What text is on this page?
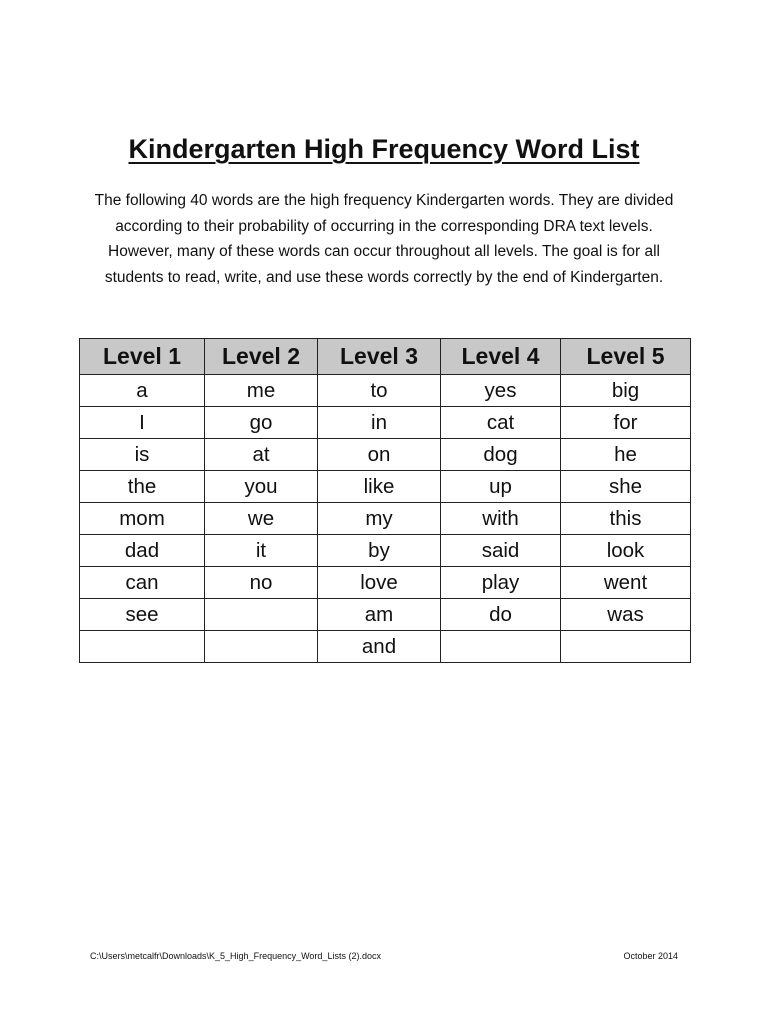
Kindergarten High Frequency Word List
The following 40 words are the high frequency Kindergarten words. They are divided according to their probability of occurring in the corresponding DRA text levels. However, many of these words can occur throughout all levels. The goal is for all students to read, write, and use these words correctly by the end of Kindergarten.
Level 1	Level 2	Level 3	Level 4	Level 5
a	me	to	yes	big
I	go	in	cat	for
is	at	on	dog	he
the	you	like	up	she
mom	we	my	with	this
dad	it	by	said	look
can	no	love	play	went
see		am	do	was
		and		
C:\Users\metcalfr\Downloads\K_5_High_Frequency_Word_Lists (2).docx	October 2014
